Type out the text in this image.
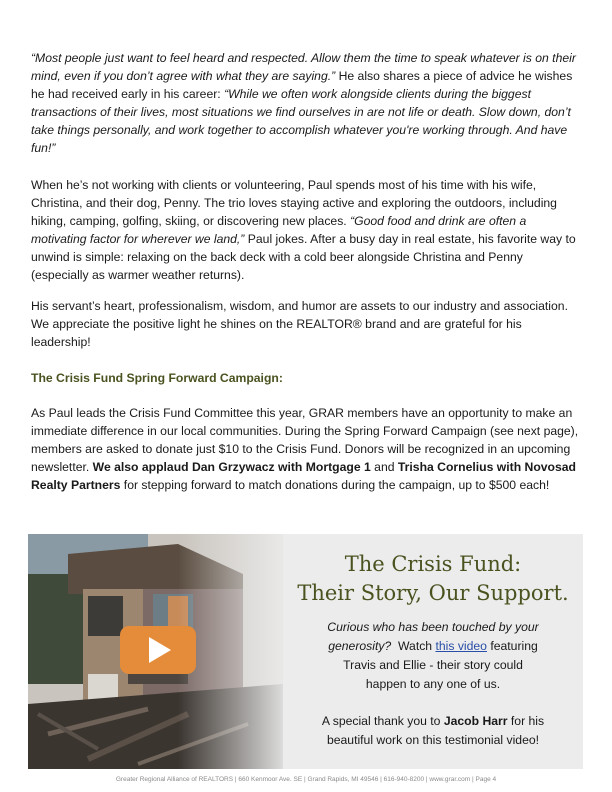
“Most people just want to feel heard and respected. Allow them the time to speak whatever is on their mind, even if you don’t agree with what they are saying.” He also shares a piece of advice he wishes he had received early in his career: “While we often work alongside clients during the biggest transactions of their lives, most situations we find ourselves in are not life or death. Slow down, don’t take things personally, and work together to accomplish whatever you're working through. And have fun!”

When he’s not working with clients or volunteering, Paul spends most of his time with his wife, Christina, and their dog, Penny. The trio loves staying active and exploring the outdoors, including hiking, camping, golfing, skiing, or discovering new places. “Good food and drink are often a motivating factor for wherever we land,” Paul jokes. After a busy day in real estate, his favorite way to unwind is simple: relaxing on the back deck with a cold beer alongside Christina and Penny (especially as warmer weather returns).

His servant’s heart, professionalism, wisdom, and humor are assets to our industry and association. We appreciate the positive light he shines on the REALTOR® brand and are grateful for his leadership!

The Crisis Fund Spring Forward Campaign:

As Paul leads the Crisis Fund Committee this year, GRAR members have an opportunity to make an immediate difference in our local communities. During the Spring Forward Campaign (see next page), members are asked to donate just $10 to the Crisis Fund. Donors will be recognized in an upcoming newsletter. We also applaud Dan Grzywacz with Mortgage 1 and Trisha Cornelius with Novosad Realty Partners for stepping forward to match donations during the campaign, up to $500 each!

The Crisis Fund:
Their Story, Our Support.
Curious who has been touched by your
generosity?  Watch this video featuring
Travis and Ellie - their story could
happen to any one of us.
A special thank you to Jacob Harr for his
beautiful work on this testimonial video!
Greater Regional Alliance of REALTORS | 660 Kenmoor Ave. SE | Grand Rapids, MI 49546 | 616-940-8200 | www.grar.com | Page 4
